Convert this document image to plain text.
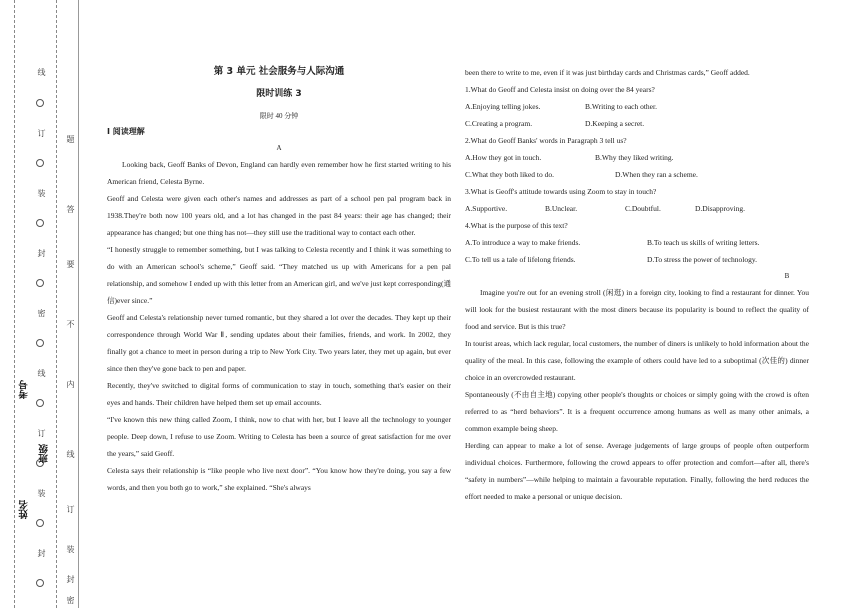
线
订
装
封
密
线
订
装
封
题
答
要
不
内
线
订
装
封
密
姓名
班级
考号

第 3 单元 社会服务与人际沟通

限时训练 3

限时 40 分钟

Ⅰ 阅读理解

A

Looking back, Geoff Banks of Devon, England can hardly even remember how he first started writing to his American friend, Celesta Byrne.

Geoff and Celesta were given each other's names and addresses as part of a school pen pal program back in 1938.They're both now 100 years old, and a lot has changed in the past 84 years: their age has changed; their appearance has changed; but one thing has not—they still use the traditional way to contact each other.

“I honestly struggle to remember something, but I was talking to Celesta recently and I think it was something to do with an American school's scheme,” Geoff said. “They matched us up with Americans for a pen pal relationship, and somehow I ended up with this letter from an American girl, and we've just kept corresponding(通信)ever since.”

Geoff and Celesta's relationship never turned romantic, but they shared a lot over the decades. They kept up their correspondence through World War Ⅱ, sending updates about their families, friends, and work. In 2002, they finally got a chance to meet in person during a trip to New York City. Two years later, they met up again, but ever since then they've gone back to pen and paper.

Recently, they've switched to digital forms of communication to stay in touch, something that's easier on their eyes and hands. Their children have helped them set up email accounts.

“I've known this new thing called Zoom, I think, now to chat with her, but I leave all the technology to younger people. Deep down, I refuse to use Zoom. Writing to Celesta has been a source of great satisfaction for me over the years,” said Geoff.

Celesta says their relationship is “like people who live next door”. “You know how they're doing, you say a few words, and then you both go to work,” she explained. “She's always

been there to write to me, even if it was just birthday cards and Christmas cards,” Geoff added.

1.What do Geoff and Celesta insist on doing over the 84 years?

A.Enjoying telling jokes.	B.Writing to each other.
C.Creating a program.	D.Keeping a secret.

2.What do Geoff Banks' words in Paragraph 3 tell us?

A.How they got in touch.	B.Why they liked writing.
C.What they both liked to do.	D.When they ran a scheme.

3.What is Geoff's attitude towards using Zoom to stay in touch?

A.Supportive.	B.Unclear.	C.Doubtful.	D.Disapproving.

4.What is the purpose of this text?

A.To introduce a way to make friends.	B.To teach us skills of writing letters.
C.To tell us a tale of lifelong friends.	D.To stress the power of technology.

B

Imagine you're out for an evening stroll (闲逛) in a foreign city, looking to find a restaurant for dinner. You will look for the busiest restaurant with the most diners because its popularity is bound to reflect the quality of food and service. But is this true?

In tourist areas, which lack regular, local customers, the number of diners is unlikely to hold information about the quality of the meal. In this case, following the example of others could have led to a suboptimal (次佳的) dinner choice in an overcrowded restaurant.

Spontaneously (不由自主地) copying other people's thoughts or choices or simply going with the crowd is often referred to as “herd behaviors”. It is a frequent occurrence among humans as well as many other animals, a common example being sheep.

Herding can appear to make a lot of sense. Average judgements of large groups of people often outperform individual choices. Furthermore, following the crowd appears to offer protection and comfort—after all, there's “safety in numbers”—while helping to maintain a favourable reputation. Finally, following the herd reduces the effort needed to make a personal or unique decision.
